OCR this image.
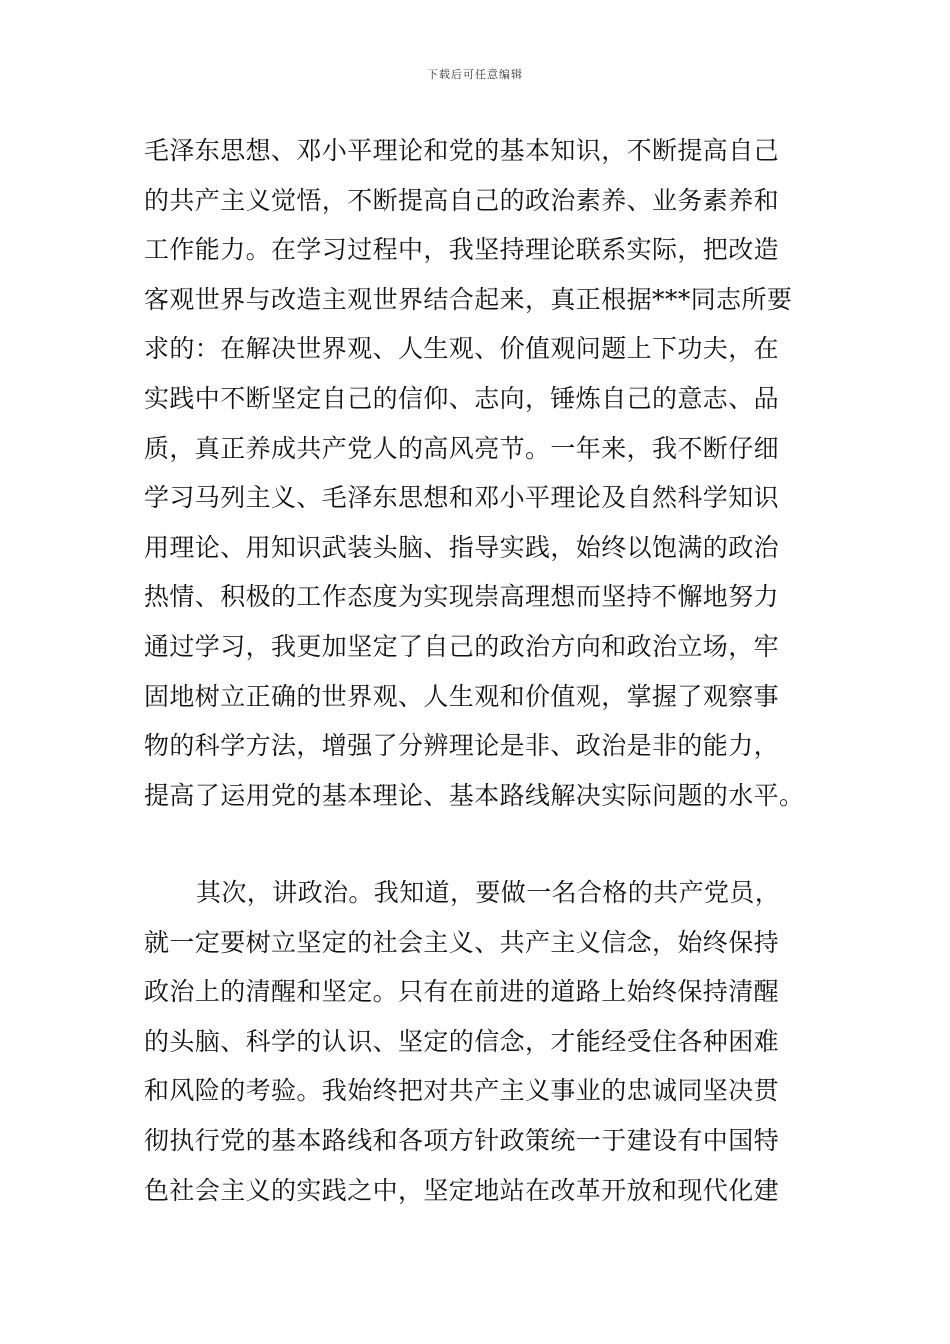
下载后可任意编辑
毛泽东思想、邓小平理论和党的基本知识，不断提高自己
的共产主义觉悟，不断提高自己的政治素养、业务素养和
工作能力。在学习过程中，我坚持理论联系实际，把改造
客观世界与改造主观世界结合起来，真正根据***同志所要
求的：在解决世界观、人生观、价值观问题上下功夫，在
实践中不断坚定自己的信仰、志向，锤炼自己的意志、品
质，真正养成共产党人的高风亮节。一年来，我不断仔细
学习马列主义、毛泽东思想和邓小平理论及自然科学知识
用理论、用知识武装头脑、指导实践，始终以饱满的政治
热情、积极的工作态度为实现崇高理想而坚持不懈地努力
通过学习，我更加坚定了自己的政治方向和政治立场，牢
固地树立正确的世界观、人生观和价值观，掌握了观察事
物的科学方法，增强了分辨理论是非、政治是非的能力，
提高了运用党的基本理论、基本路线解决实际问题的水平。
其次，讲政治。我知道，要做一名合格的共产党员，
就一定要树立坚定的社会主义、共产主义信念，始终保持
政治上的清醒和坚定。只有在前进的道路上始终保持清醒
的头脑、科学的认识、坚定的信念，才能经受住各种困难
和风险的考验。我始终把对共产主义事业的忠诚同坚决贯
彻执行党的基本路线和各项方针政策统一于建设有中国特
色社会主义的实践之中，坚定地站在改革开放和现代化建
